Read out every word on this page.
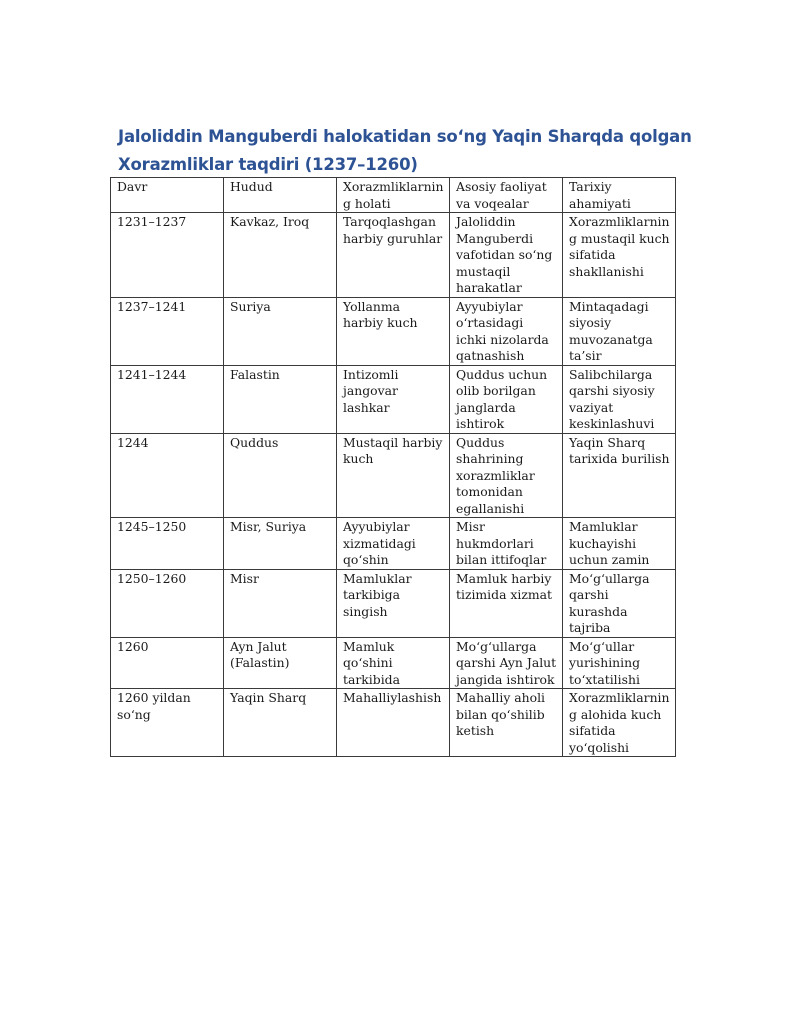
Jaloliddin Manguberdi halokatidan so‘ng Yaqin Sharqda qolgan
Xorazmliklar taqdiri (1237–1260)
Davr	Hudud	Xorazmliklarning holati	Asosiy faoliyat va voqealar	Tarixiy ahamiyati
1231–1237	Kavkaz, Iroq	Tarqoqlashgan harbiy guruhlar	Jaloliddin Manguberdi vafotidan so‘ng mustaqil harakatlar	Xorazmliklarning mustaqil kuch sifatida shakllanishi
1237–1241	Suriya	Yollanma harbiy kuch	Ayyubiylar o‘rtasidagi ichki nizolarda qatnashish	Mintaqadagi siyosiy muvozanatga ta’sir
1241–1244	Falastin	Intizomli jangovar lashkar	Quddus uchun olib borilgan janglarda ishtirok	Salibchilarga qarshi siyosiy vaziyat keskinlashuvi
1244	Quddus	Mustaqil harbiy kuch	Quddus shahrining xorazmliklar tomonidan egallanishi	Yaqin Sharq tarixida burilish
1245–1250	Misr, Suriya	Ayyubiylar xizmatidagi qo‘shin	Misr hukmdorlari bilan ittifoqlar	Mamluklar kuchayishi uchun zamin
1250–1260	Misr	Mamluklar tarkibiga singish	Mamluk harbiy tizimida xizmat	Mo‘g‘ullarga qarshi kurashda tajriba
1260	Ayn Jalut (Falastin)	Mamluk qo‘shini tarkibida	Mo‘g‘ullarga qarshi Ayn Jalut jangida ishtirok	Mo‘g‘ullar yurishining to‘xtatilishi
1260 yildan so‘ng	Yaqin Sharq	Mahalliylashish	Mahalliy aholi bilan qo‘shilib ketish	Xorazmliklarning alohida kuch sifatida yo‘qolishi
